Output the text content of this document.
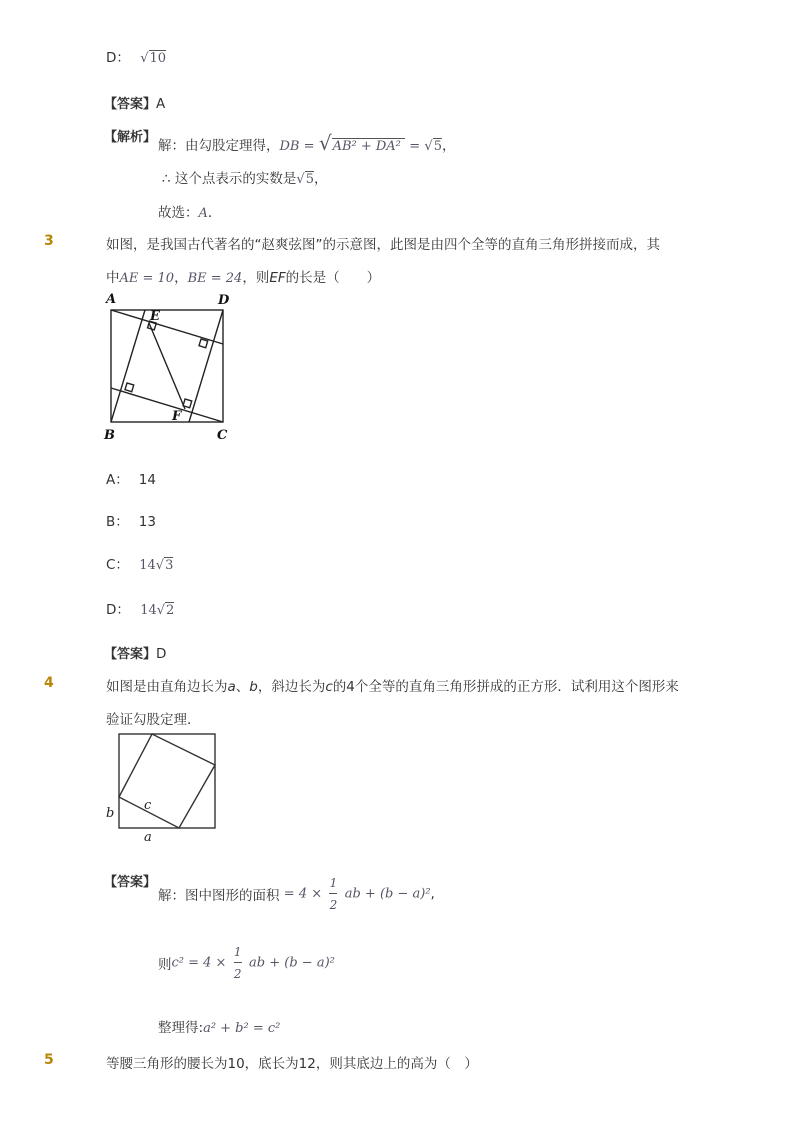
D： √10
【答案】A
【解析】
解：由勾股定理得，DB = √AB² + DA² = √5，
∴ 这个点表示的实数是√5，
故选：A．
3	如图，是我国古代著名的“赵爽弦图”的示意图，此图是由四个全等的直角三角形拼接而成，其
中AE = 10，BE = 24，则EF的长是（　　）
A	D
B	C
E
F
A： 14
B： 13
C： 14√3
D： 14√2
【答案】D
4	如图是由直角边长为a、b，斜边长为c的4个全等的直角三角形拼成的正方形．试利用这个图形来
验证勾股定理．
b
c
a
【答案】
解：图中图形的面积 = $4 \times \frac{1}{2}$ ab + (b − a)²,
则$c^2 = 4 \times \frac{1}{2}$ ab + (b − a)²
整理得:a² + b² = c²
5	等腰三角形的腰长为10，底长为12，则其底边上的高为（　）
